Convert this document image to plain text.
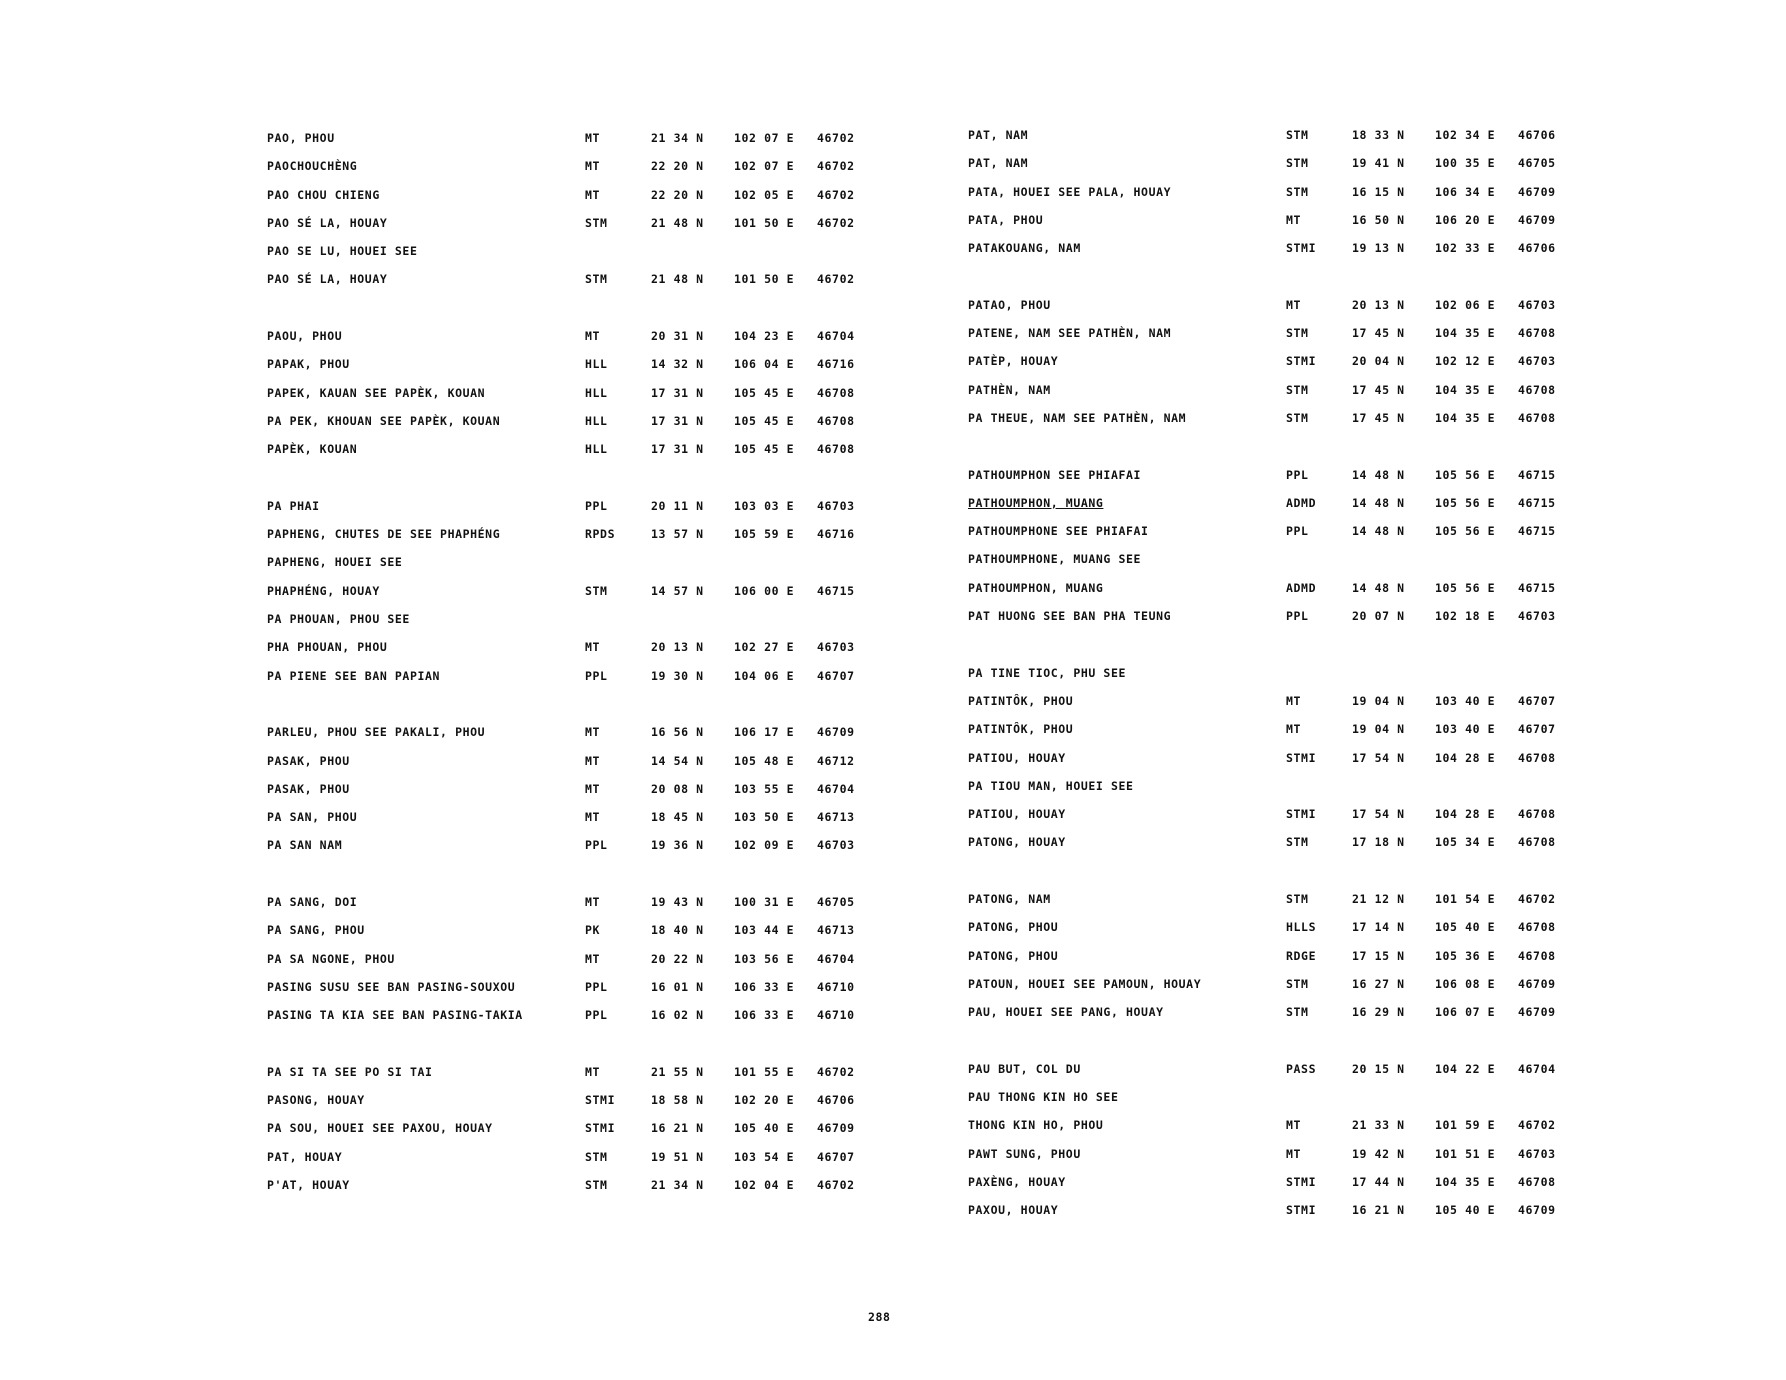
PAO, PHOU	MT	21 34 N	102 07 E 46702
PAOCHOUCHÈNG	MT	22 20 N	102 07 E 46702
PAO CHOU CHIENG	MT	22 20 N	102 05 E 46702
PAO SÉ LA, HOUAY	STM	21 48 N	101 50 E 46702
PAO SE LU, HOUEI SEE
PAO SÉ LA, HOUAY	STM	21 48 N	101 50 E 46702
PAOU, PHOU	MT	20 31 N	104 23 E 46704
PAPAK, PHOU	HLL	14 32 N	106 04 E 46716
PAPEK, KAUAN SEE PAPÈK, KOUAN	HLL	17 31 N	105 45 E 46708
PA PEK, KHOUAN SEE PAPÈK, KOUAN	HLL	17 31 N	105 45 E 46708
PAPÈK, KOUAN	HLL	17 31 N	105 45 E 46708
PA PHAI	PPL	20 11 N	103 03 E 46703
PAPHENG, CHUTES DE SEE PHAPHÉNG	RPDS	13 57 N	105 59 E 46716
PAPHENG, HOUEI SEE
PHAPHÉNG, HOUAY	STM	14 57 N	106 00 E 46715
PA PHOUAN, PHOU SEE
PHA PHOUAN, PHOU	MT	20 13 N	102 27 E 46703
PA PIENE SEE BAN PAPIAN	PPL	19 30 N	104 06 E 46707
PARLEU, PHOU SEE PAKALI, PHOU	MT	16 56 N	106 17 E 46709
PASAK, PHOU	MT	14 54 N	105 48 E 46712
PASAK, PHOU	MT	20 08 N	103 55 E 46704
PA SAN, PHOU	MT	18 45 N	103 50 E 46713
PA SAN NAM	PPL	19 36 N	102 09 E 46703
PA SANG, DOI	MT	19 43 N	100 31 E 46705
PA SANG, PHOU	PK	18 40 N	103 44 E 46713
PA SA NGONE, PHOU	MT	20 22 N	103 56 E 46704
PASING SUSU SEE BAN PASING-SOUXOU	PPL	16 01 N	106 33 E 46710
PASING TA KIA SEE BAN PASING-TAKIA	PPL	16 02 N	106 33 E 46710
PA SI TA SEE PO SI TAI	MT	21 55 N	101 55 E 46702
PASONG, HOUAY	STMI	18 58 N	102 20 E 46706
PA SOU, HOUEI SEE PAXOU, HOUAY	STMI	16 21 N	105 40 E 46709
PAT, HOUAY	STM	19 51 N	103 54 E 46707
P'AT, HOUAY	STM	21 34 N	102 04 E 46702
PAT, NAM	STM	18 33 N	102 34 E 46706
PAT, NAM	STM	19 41 N	100 35 E 46705
PATA, HOUEI SEE PALA, HOUAY	STM	16 15 N	106 34 E 46709
PATA, PHOU	MT	16 50 N	106 20 E 46709
PATAKOUANG, NAM	STMI	19 13 N	102 33 E 46706
PATAO, PHOU	MT	20 13 N	102 06 E 46703
PATENE, NAM SEE PATHÈN, NAM	STM	17 45 N	104 35 E 46708
PATÈP, HOUAY	STMI	20 04 N	102 12 E 46703
PATHÈN, NAM	STM	17 45 N	104 35 E 46708
PA THEUE, NAM SEE PATHÈN, NAM	STM	17 45 N	104 35 E 46708
PATHOUMPHON SEE PHIAFAI	PPL	14 48 N	105 56 E 46715
PATHOUMPHON, MUANG	ADMD	14 48 N	105 56 E 46715
PATHOUMPHONE SEE PHIAFAI	PPL	14 48 N	105 56 E 46715
PATHOUMPHONE, MUANG SEE
PATHOUMPHON, MUANG	ADMD	14 48 N	105 56 E 46715
PAT HUONG SEE BAN PHA TEUNG	PPL	20 07 N	102 18 E 46703
PA TINE TIOC, PHU SEE
PATINTÔK, PHOU	MT	19 04 N	103 40 E 46707
PATINTÔK, PHOU	MT	19 04 N	103 40 E 46707
PATIOU, HOUAY	STMI	17 54 N	104 28 E 46708
PA TIOU MAN, HOUEI SEE
PATIOU, HOUAY	STMI	17 54 N	104 28 E 46708
PATONG, HOUAY	STM	17 18 N	105 34 E 46708
PATONG, NAM	STM	21 12 N	101 54 E 46702
PATONG, PHOU	HLLS	17 14 N	105 40 E 46708
PATONG, PHOU	RDGE	17 15 N	105 36 E 46708
PATOUN, HOUEI SEE PAMOUN, HOUAY	STM	16 27 N	106 08 E 46709
PAU, HOUEI SEE PANG, HOUAY	STM	16 29 N	106 07 E 46709
PAU BUT, COL DU	PASS	20 15 N	104 22 E 46704
PAU THONG KIN HO SEE
THONG KIN HO, PHOU	MT	21 33 N	101 59 E 46702
PAWT SUNG, PHOU	MT	19 42 N	101 51 E 46703
PAXÈNG, HOUAY	STMI	17 44 N	104 35 E 46708
PAXOU, HOUAY	STMI	16 21 N	105 40 E 46709
288
